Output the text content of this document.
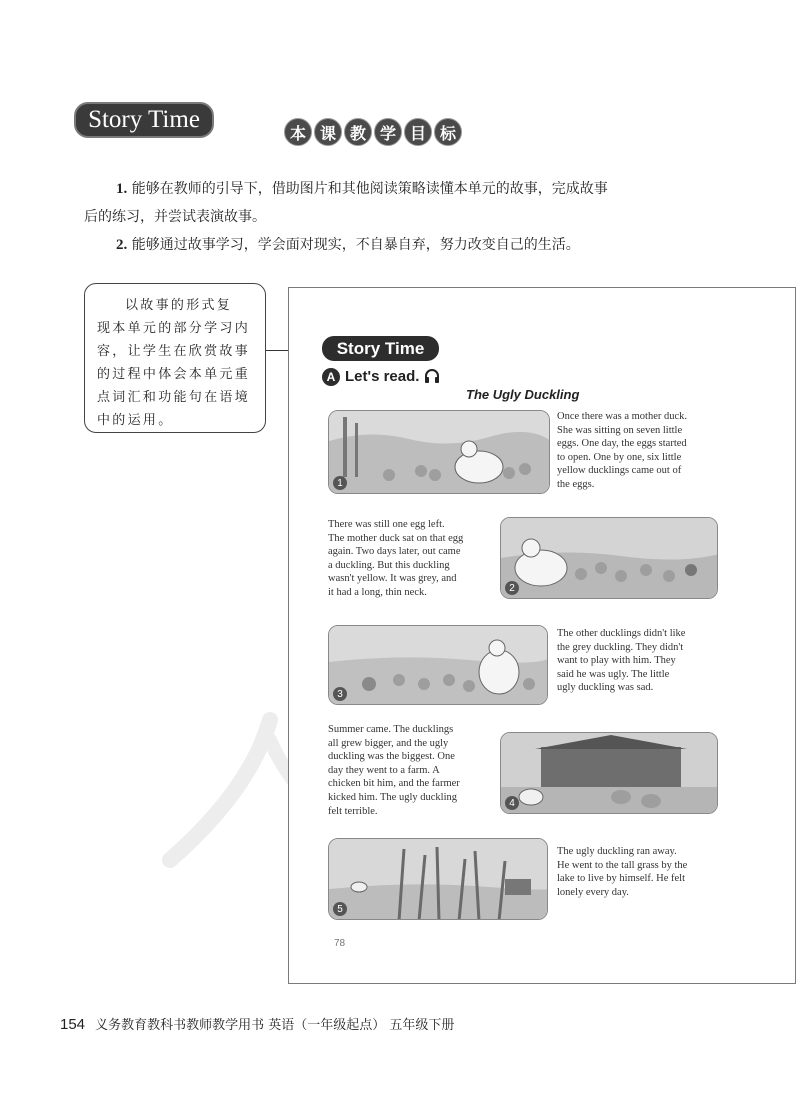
Story Time	本 课 教 学 目 标
1. 能够在教师的引导下，借助图片和其他阅读策略读懂本单元的故事，完成故事
后的练习，并尝试表演故事。
2. 能够通过故事学习，学会面对现实，不自暴自弃，努力改变自己的生活。

以故事的形式复

现本单元的部分学习内

容，让学生在欣赏故事

的过程中体会本单元重

点词汇和功能句在语境

中的运用。

Story Time
A Let's read.
The Ugly Duckling
1
Once there was a mother duck.
She was sitting on seven little
eggs. One day, the eggs started
to open. One by one, six little
yellow ducklings came out of
the eggs.
There was still one egg left.
The mother duck sat on that egg
again. Two days later, out came
a duckling. But this duckling
wasn't yellow. It was grey, and
it had a long, thin neck.	2
3
The other ducklings didn't like
the grey duckling. They didn't
want to play with him. They
said he was ugly. The little
ugly duckling was sad.
Summer came. The ducklings
all grew bigger, and the ugly
duckling was the biggest. One
day they went to a farm. A
chicken bit him, and the farmer
kicked him. The ugly duckling
felt terrible.
4
5
The ugly duckling ran away.
He went to the tall grass by the
lake to live by himself. He felt
lonely every day.
78
154 义务教育教科书教师教学用书 英语（一年级起点） 五年级下册
